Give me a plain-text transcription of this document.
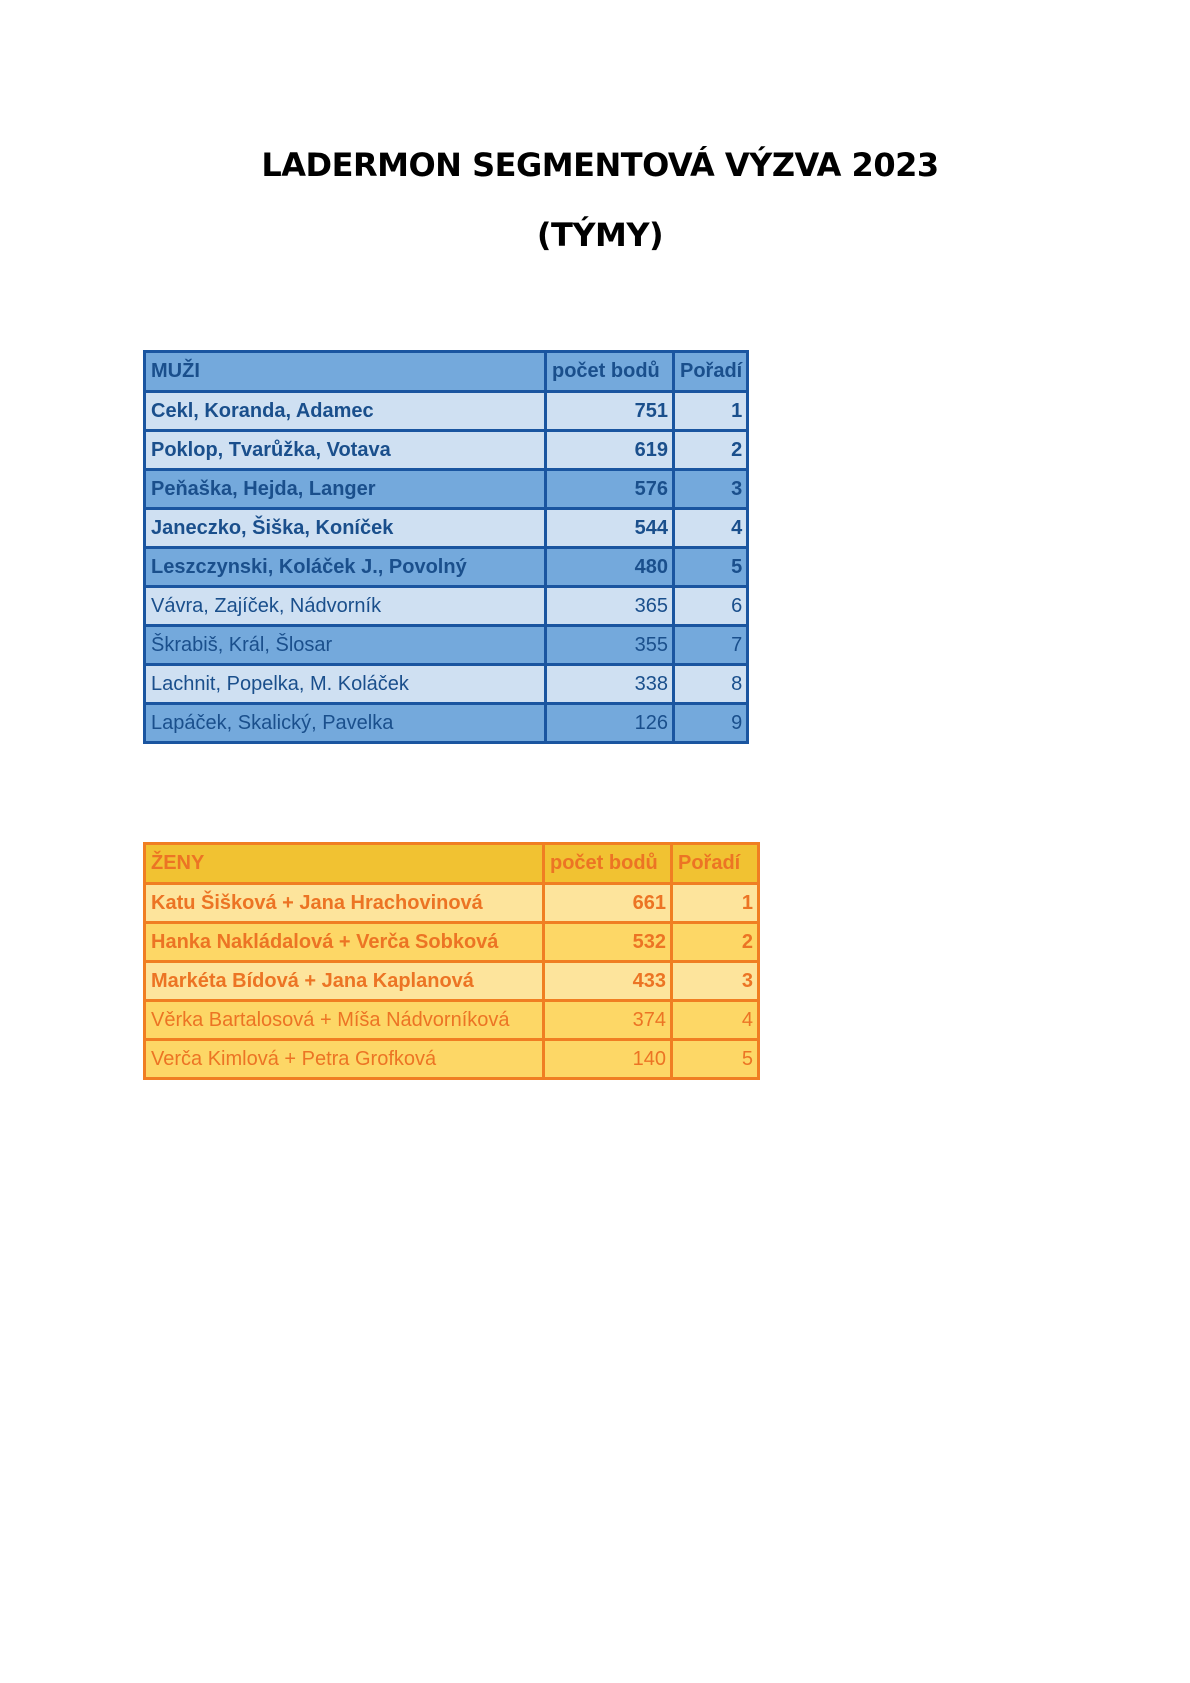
LADERMON SEGMENTOVÁ VÝZVA 2023
(TÝMY)
MUŽI	počet bodů	Pořadí
Cekl, Koranda, Adamec	751	1
Poklop, Tvarůžka, Votava	619	2
Peňaška, Hejda, Langer	576	3
Janeczko, Šiška, Koníček	544	4
Leszczynski, Koláček J., Povolný	480	5
Vávra, Zajíček, Nádvorník	365	6
Škrabiš, Král, Šlosar	355	7
Lachnit, Popelka, M. Koláček	338	8
Lapáček, Skalický, Pavelka	126	9
ŽENY	počet bodů	Pořadí
Katu Šišková + Jana Hrachovinová	661	1
Hanka Nakládalová + Verča Sobková	532	2
Markéta Bídová + Jana Kaplanová	433	3
Věrka Bartalosová + Míša Nádvorníková	374	4
Verča Kimlová + Petra Grofková	140	5
